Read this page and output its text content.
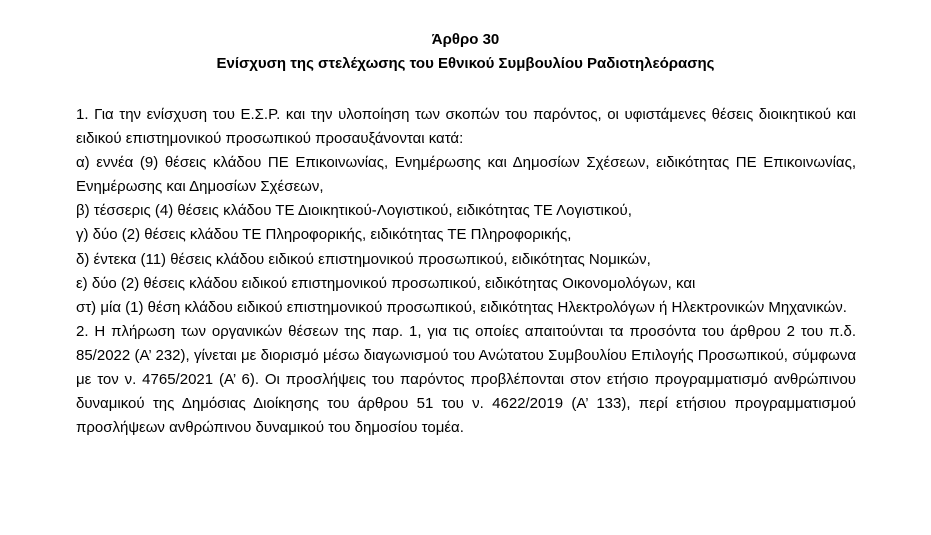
Άρθρο 30
Ενίσχυση της στελέχωσης του Εθνικού Συμβουλίου Ραδιοτηλεόρασης

1. Για την ενίσχυση του Ε.Σ.Ρ. και την υλοποίηση των σκοπών του παρόντος, οι υφιστάμενες θέσεις διοικητικού και ειδικού επιστημονικού προσωπικού προσαυξάνονται κατά:

α) εννέα (9) θέσεις κλάδου ΠΕ Επικοινωνίας, Ενημέρωσης και Δημοσίων Σχέσεων, ειδικότητας ΠΕ Επικοινωνίας, Ενημέρωσης και Δημοσίων Σχέσεων,

β) τέσσερις (4) θέσεις κλάδου ΤΕ Διοικητικού-Λογιστικού, ειδικότητας ΤΕ Λογιστικού,

γ) δύο (2) θέσεις κλάδου ΤΕ Πληροφορικής, ειδικότητας ΤΕ Πληροφορικής,

δ) έντεκα (11) θέσεις κλάδου ειδικού επιστημονικού προσωπικού, ειδικότητας Νομικών,

ε) δύο (2) θέσεις κλάδου ειδικού επιστημονικού προσωπικού, ειδικότητας Οικονομολόγων, και

στ) μία (1) θέση κλάδου ειδικού επιστημονικού προσωπικού, ειδικότητας Ηλεκτρολόγων ή Ηλεκτρονικών Μηχανικών.

2. Η πλήρωση των οργανικών θέσεων της παρ. 1, για τις οποίες απαιτούνται τα προσόντα του άρθρου 2 του π.δ. 85/2022 (Α’ 232), γίνεται με διορισμό μέσω διαγωνισμού του Ανώτατου Συμβουλίου Επιλογής Προσωπικού, σύμφωνα με τον ν. 4765/2021 (Α’ 6). Οι προσλήψεις του παρόντος προβλέπονται στον ετήσιο προγραμματισμό ανθρώπινου δυναμικού της Δημόσιας Διοίκησης του άρθρου 51 του ν. 4622/2019 (Α’ 133), περί ετήσιου προγραμματισμού προσλήψεων ανθρώπινου δυναμικού του δημοσίου τομέα.
